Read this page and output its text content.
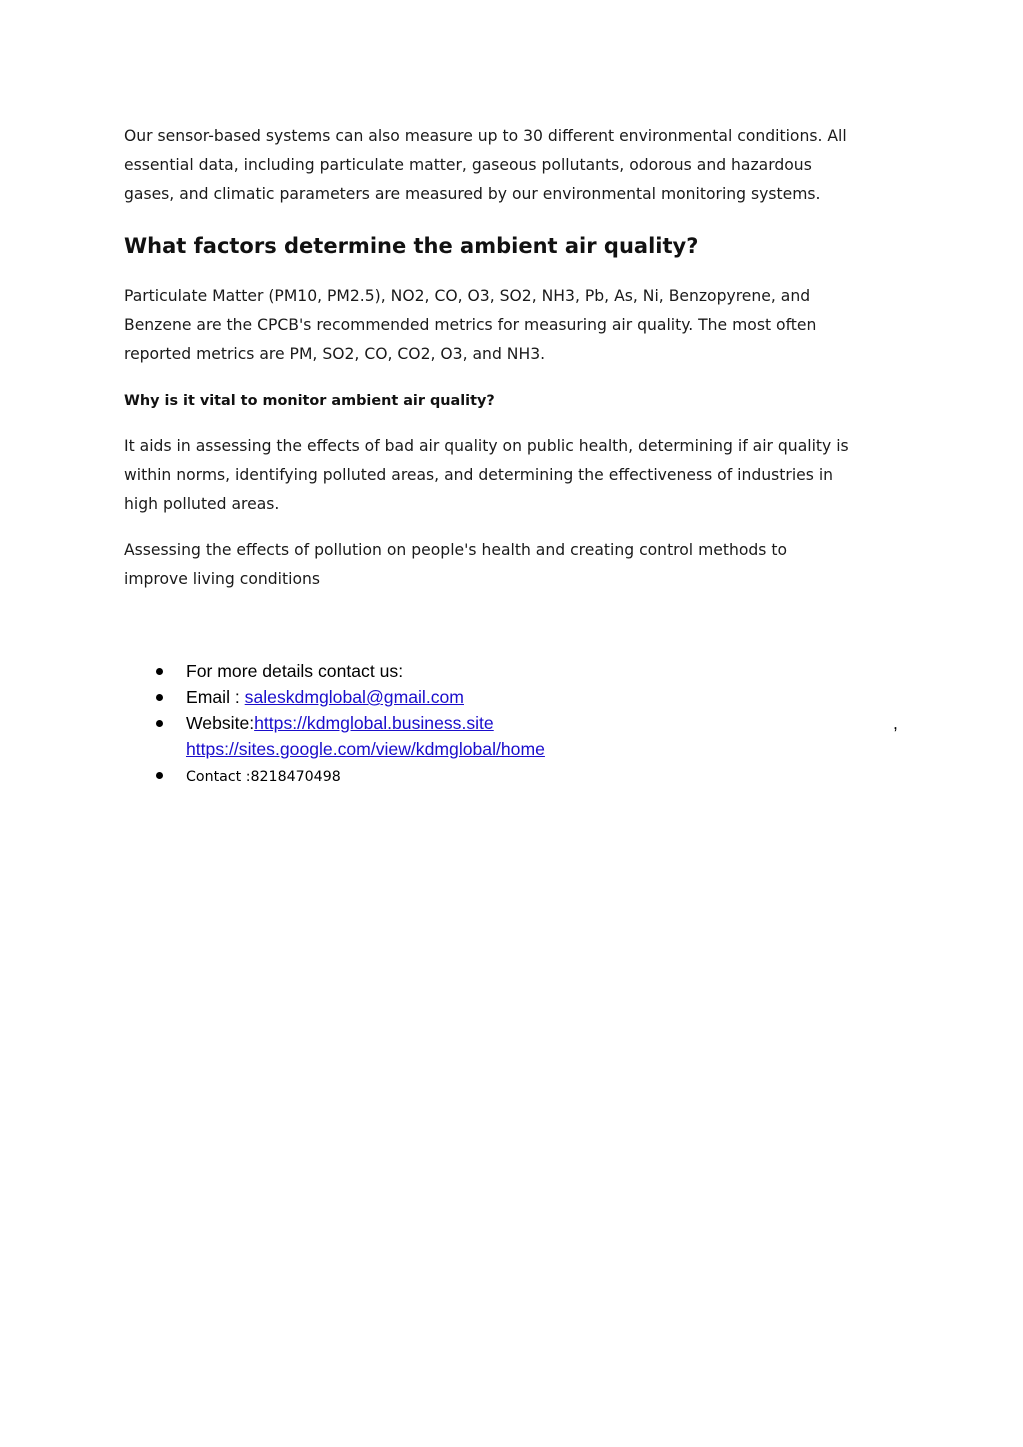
Our sensor-based systems can also measure up to 30 different environmental conditions. All
essential data, including particulate matter, gaseous pollutants, odorous and hazardous
gases, and climatic parameters are measured by our environmental monitoring systems.

What factors determine the ambient air quality?

Particulate Matter (PM10, PM2.5), NO2, CO, O3, SO2, NH3, Pb, As, Ni, Benzopyrene, and
Benzene are the CPCB's recommended metrics for measuring air quality. The most often
reported metrics are PM, SO2, CO, CO2, O3, and NH3.

Why is it vital to monitor ambient air quality?

It aids in assessing the effects of bad air quality on public health, determining if air quality is
within norms, identifying polluted areas, and determining the effectiveness of industries in
high polluted areas.

Assessing the effects of pollution on people's health and creating control methods to
improve living conditions

For more details contact us:
Email : saleskdmglobal@gmail.com
Website:https://kdmglobal.business.site	,
https://sites.google.com/view/kdmglobal/home
Contact :8218470498
